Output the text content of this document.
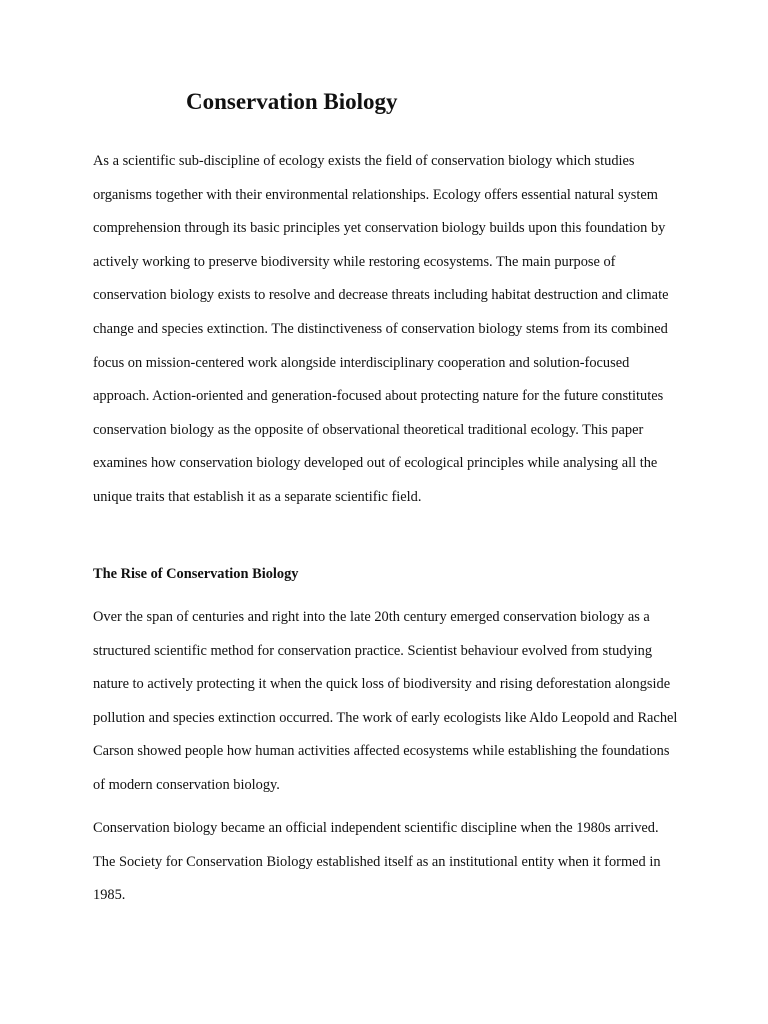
Conservation Biology

As a scientific sub-discipline of ecology exists the field of conservation biology which studies organisms together with their environmental relationships. Ecology offers essential natural system comprehension through its basic principles yet conservation biology builds upon this foundation by actively working to preserve biodiversity while restoring ecosystems. The main purpose of conservation biology exists to resolve and decrease threats including habitat destruction and climate change and species extinction. The distinctiveness of conservation biology stems from its combined focus on mission-centered work alongside interdisciplinary cooperation and solution-focused approach. Action-oriented and generation-focused about protecting nature for the future constitutes conservation biology as the opposite of observational theoretical traditional ecology. This paper examines how conservation biology developed out of ecological principles while analysing all the unique traits that establish it as a separate scientific field.

The Rise of Conservation Biology

Over the span of centuries and right into the late 20th century emerged conservation biology as a structured scientific method for conservation practice. Scientist behaviour evolved from studying nature to actively protecting it when the quick loss of biodiversity and rising deforestation alongside pollution and species extinction occurred. The work of early ecologists like Aldo Leopold and Rachel Carson showed people how human activities affected ecosystems while establishing the foundations of modern conservation biology.

Conservation biology became an official independent scientific discipline when the 1980s arrived. The Society for Conservation Biology established itself as an institutional entity when it formed in 1985.
